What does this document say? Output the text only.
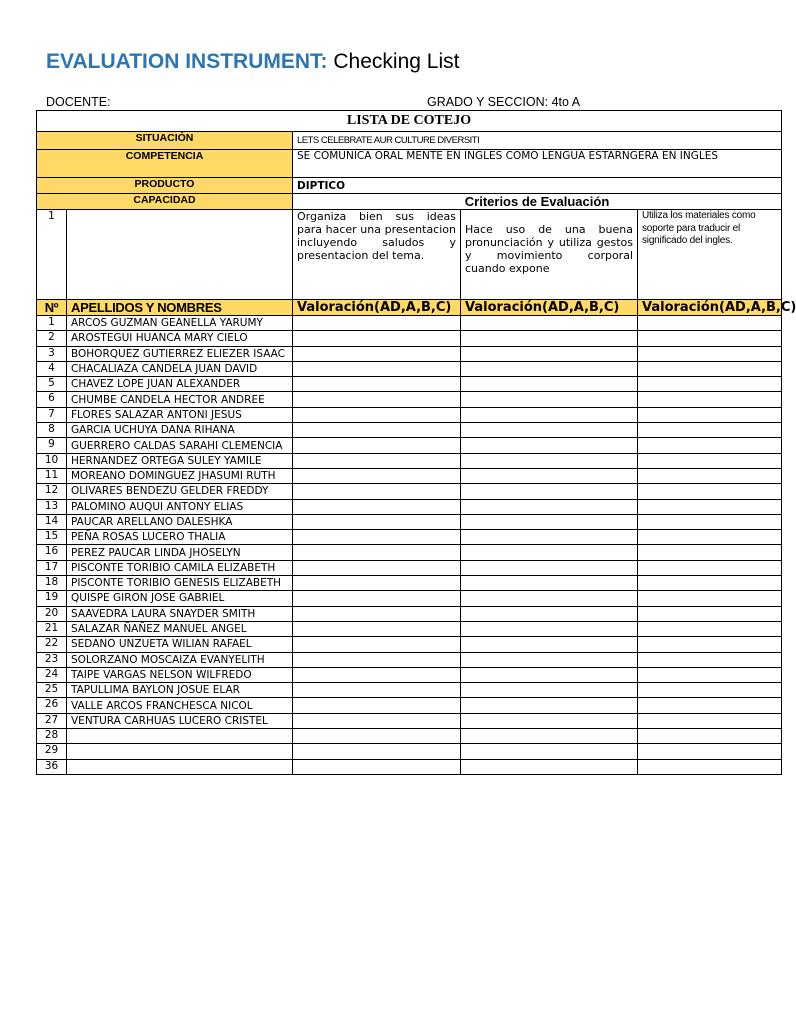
EVALUATION INSTRUMENT: Checking List
DOCENTE:	GRADO Y SECCION: 4to A
LISTA DE COTEJO				
SITUACIÓN		LETS CELEBRATE AUR CULTURE DIVERSITI		
COMPETENCIA		SE COMUNICA ORAL MENTE EN INGLES COMO LENGUA ESTARNGERA EN INGLES		
PRODUCTO		DIPTICO		
CAPACIDAD		Criterios de Evaluación		
1		Organiza bien sus ideas para hacer una presentacion incluyendo saludos y presentacion del tema.	Hace uso de una buena pronunciación y utiliza gestos y movimiento corporal cuando expone	Utiliza los materiales como soporte para traducir el significado del ingles.
Nº	APELLIDOS Y NOMBRES	Valoración(AD,A,B,C)	Valoración(AD,A,B,C)	Valoración(AD,A,B,C)
1	ARCOS GUZMAN GEANELLA YARUMY			
2	AROSTEGUI HUANCA MARY CIELO			
3	BOHORQUEZ GUTIERREZ ELIEZER ISAAC			
4	CHACALIAZA CANDELA JUAN DAVID			
5	CHAVEZ LOPE JUAN ALEXANDER			
6	CHUMBE CANDELA HECTOR ANDREE			
7	FLORES SALAZAR ANTONI JESUS			
8	GARCIA UCHUYA DANA RIHANA			
9	GUERRERO CALDAS SARAHI CLEMENCIA			
10	HERNANDEZ ORTEGA SULEY YAMILE			
11	MOREANO DOMINGUEZ JHASUMI RUTH			
12	OLIVARES BENDEZU GELDER FREDDY			
13	PALOMINO AUQUI ANTONY ELIAS			
14	PAUCAR ARELLANO DALESHKA			
15	PEÑA ROSAS LUCERO THALIA			
16	PEREZ PAUCAR LINDA JHOSELYN			
17	PISCONTE TORIBIO CAMILA ELIZABETH			
18	PISCONTE TORIBIO GENESIS ELIZABETH			
19	QUISPE GIRON JOSE GABRIEL			
20	SAAVEDRA LAURA SNAYDER SMITH			
21	SALAZAR ÑAÑEZ MANUEL ANGEL			
22	SEDANO UNZUETA WILIAN RAFAEL			
23	SOLORZANO MOSCAIZA EVANYELITH			
24	TAIPE VARGAS NELSON WILFREDO			
25	TAPULLIMA BAYLON JOSUE ELAR			
26	VALLE ARCOS FRANCHESCA NICOL			
27	VENTURA CARHUAS LUCERO CRISTEL			
28				
29				
36				
